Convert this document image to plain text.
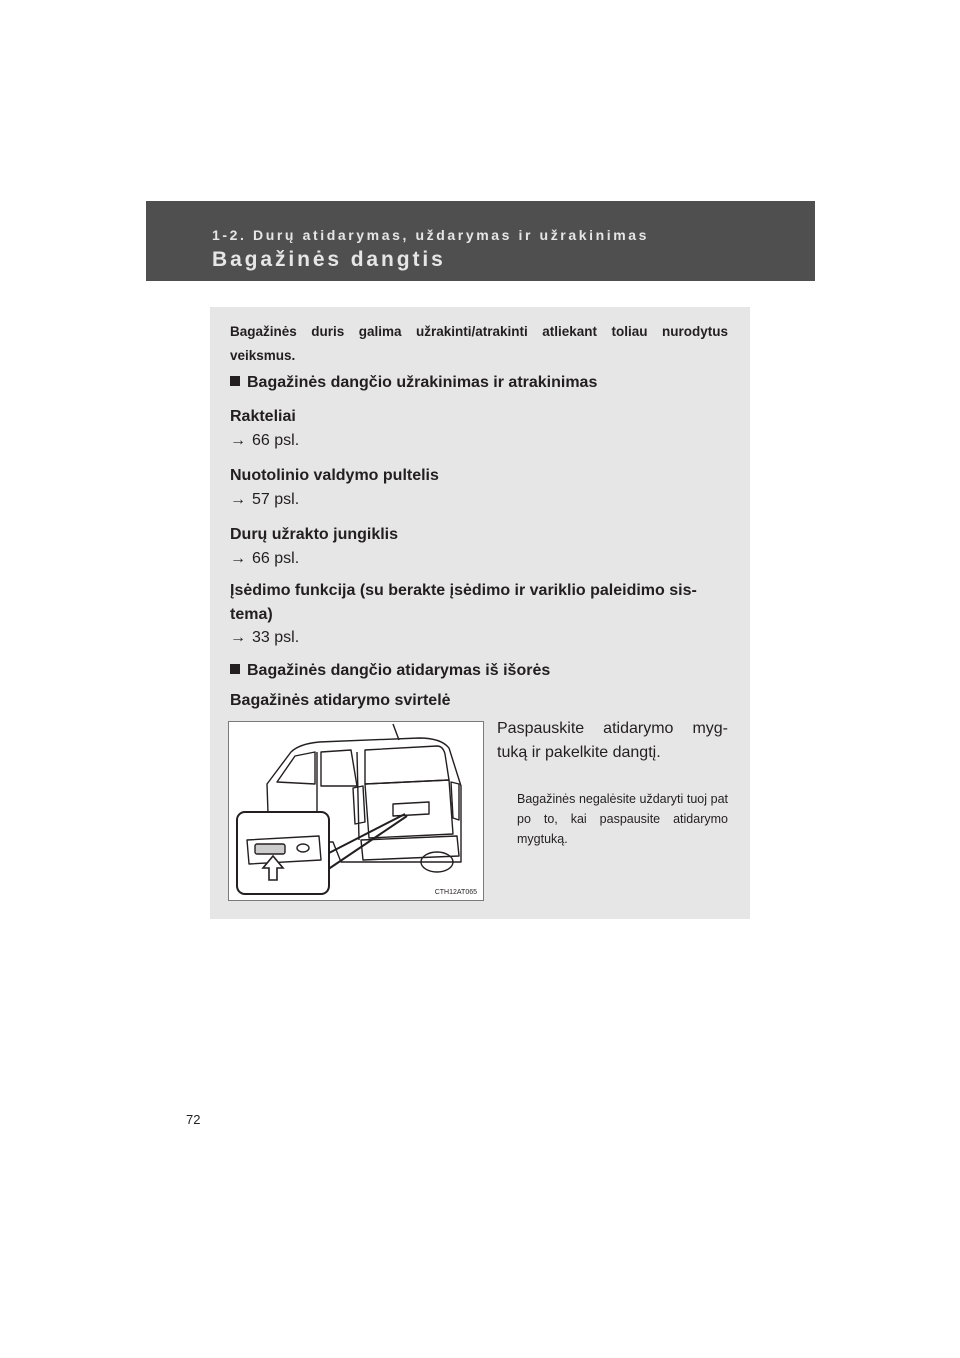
1-2. Durų atidarymas, uždarymas ir užrakinimas
Bagažinės dangtis
Bagažinės duris galima užrakinti/atrakinti atliekant toliau nurodytus veiksmus.
Bagažinės dangčio užrakinimas ir atrakinimas
Rakteliai
→ 66 psl.
Nuotolinio valdymo pultelis
→ 57 psl.
Durų užrakto jungiklis
→ 66 psl.
Įsėdimo funkcija (su berakte įsėdimo ir variklio paleidimo sis-tema)
→ 33 psl.
Bagažinės dangčio atidarymas iš išorės
Bagažinės atidarymo svirtelė
CTH12AT065
Paspauskite atidarymo myg-tuką ir pakelkite dangtį.
Bagažinės negalėsite uždaryti tuoj pat po to, kai paspausite atidarymo mygtuką.
72
